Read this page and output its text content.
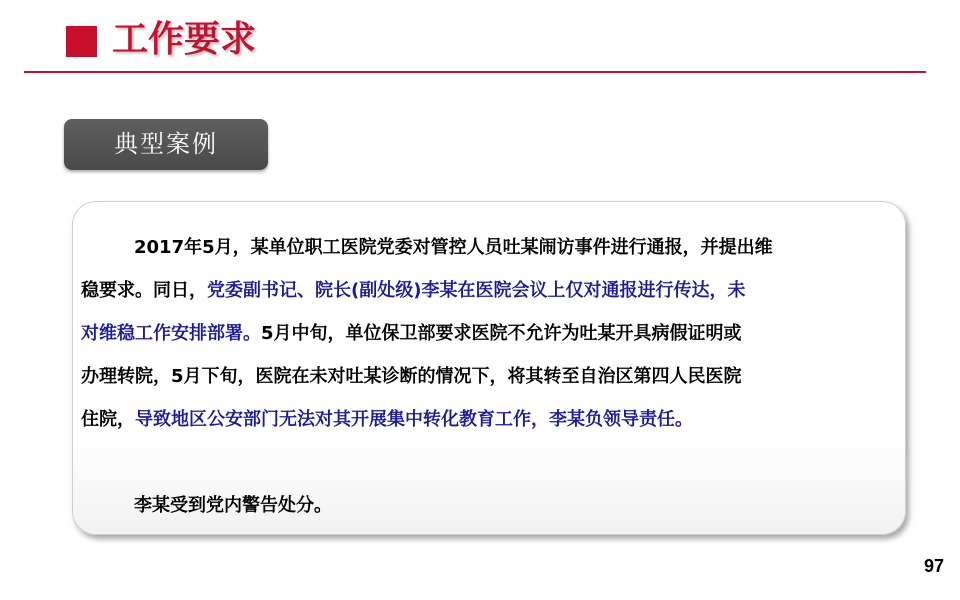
工作要求
典型案例
2017年5月，某单位职工医院党委对管控人员吐某闹访事件进行通报，并提出维
稳要求。同日，党委副书记、院长(副处级)李某在医院会议上仅对通报进行传达，未
对维稳工作安排部署。5月中旬，单位保卫部要求医院不允许为吐某开具病假证明或
办理转院，5月下旬，医院在未对吐某诊断的情况下，将其转至自治区第四人民医院
住院，导致地区公安部门无法对其开展集中转化教育工作，李某负领导责任。
李某受到党内警告处分。
97
